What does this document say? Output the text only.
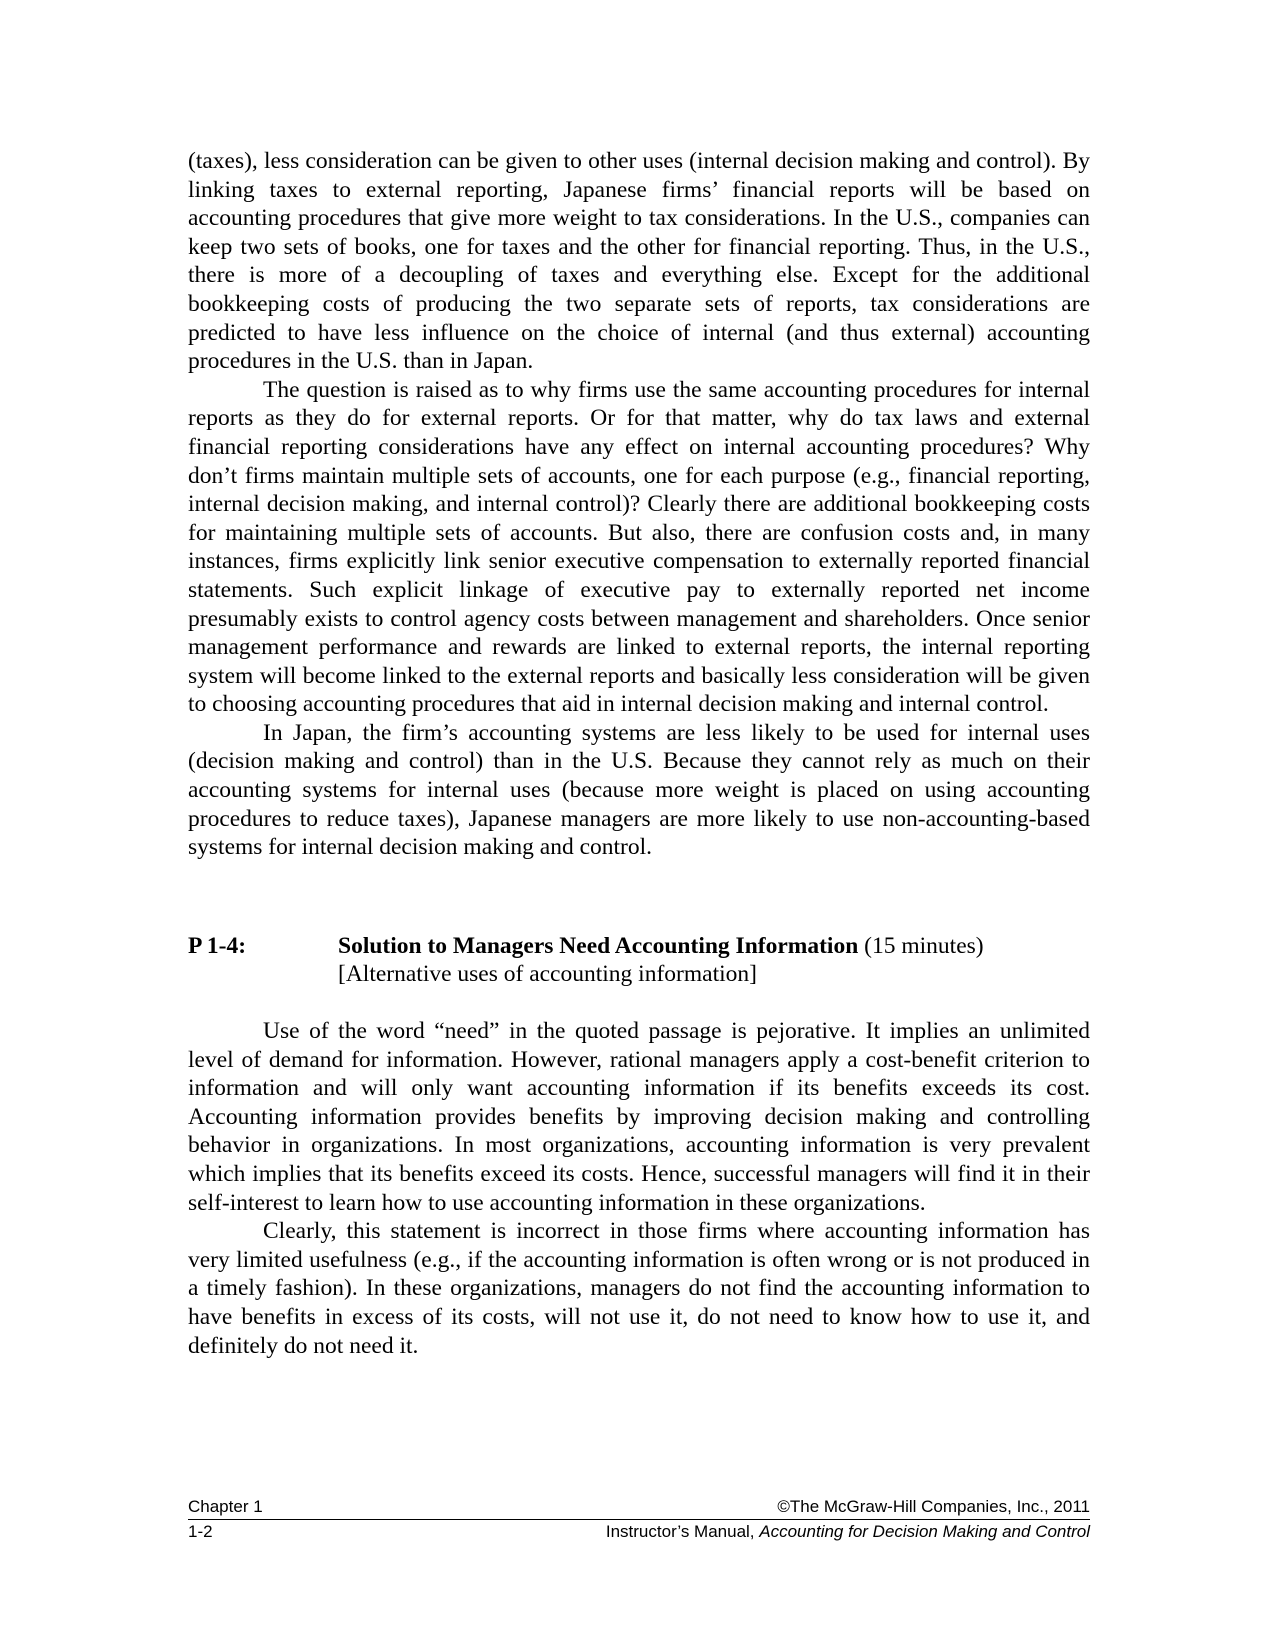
(taxes), less consideration can be given to other uses (internal decision making and control). By linking taxes to external reporting, Japanese firms’ financial reports will be based on accounting procedures that give more weight to tax considerations. In the U.S., companies can keep two sets of books, one for taxes and the other for financial reporting. Thus, in the U.S., there is more of a decoupling of taxes and everything else. Except for the additional bookkeeping costs of producing the two separate sets of reports, tax considerations are predicted to have less influence on the choice of internal (and thus external) accounting procedures in the U.S. than in Japan.

The question is raised as to why firms use the same accounting procedures for internal reports as they do for external reports. Or for that matter, why do tax laws and external financial reporting considerations have any effect on internal accounting procedures? Why don’t firms maintain multiple sets of accounts, one for each purpose (e.g., financial reporting, internal decision making, and internal control)? Clearly there are additional bookkeeping costs for maintaining multiple sets of accounts. But also, there are confusion costs and, in many instances, firms explicitly link senior executive compensation to externally reported financial statements. Such explicit linkage of executive pay to externally reported net income presumably exists to control agency costs between management and shareholders. Once senior management performance and rewards are linked to external reports, the internal reporting system will become linked to the external reports and basically less consideration will be given to choosing accounting procedures that aid in internal decision making and internal control.

In Japan, the firm’s accounting systems are less likely to be used for internal uses (decision making and control) than in the U.S. Because they cannot rely as much on their accounting systems for internal uses (because more weight is placed on using accounting procedures to reduce taxes), Japanese managers are more likely to use non-accounting-based systems for internal decision making and control.

P 1-4:	Solution to Managers Need Accounting Information (15 minutes)
[Alternative uses of accounting information]

Use of the word “need” in the quoted passage is pejorative. It implies an unlimited level of demand for information. However, rational managers apply a cost-benefit criterion to information and will only want accounting information if its benefits exceeds its cost. Accounting information provides benefits by improving decision making and controlling behavior in organizations. In most organizations, accounting information is very prevalent which implies that its benefits exceed its costs. Hence, successful managers will find it in their self-interest to learn how to use accounting information in these organizations.

Clearly, this statement is incorrect in those firms where accounting information has very limited usefulness (e.g., if the accounting information is often wrong or is not produced in a timely fashion). In these organizations, managers do not find the accounting information to have benefits in excess of its costs, will not use it, do not need to know how to use it, and definitely do not need it.

Chapter 1	©The McGraw-Hill Companies, Inc., 2011
1-2	Instructor’s Manual, Accounting for Decision Making and Control
